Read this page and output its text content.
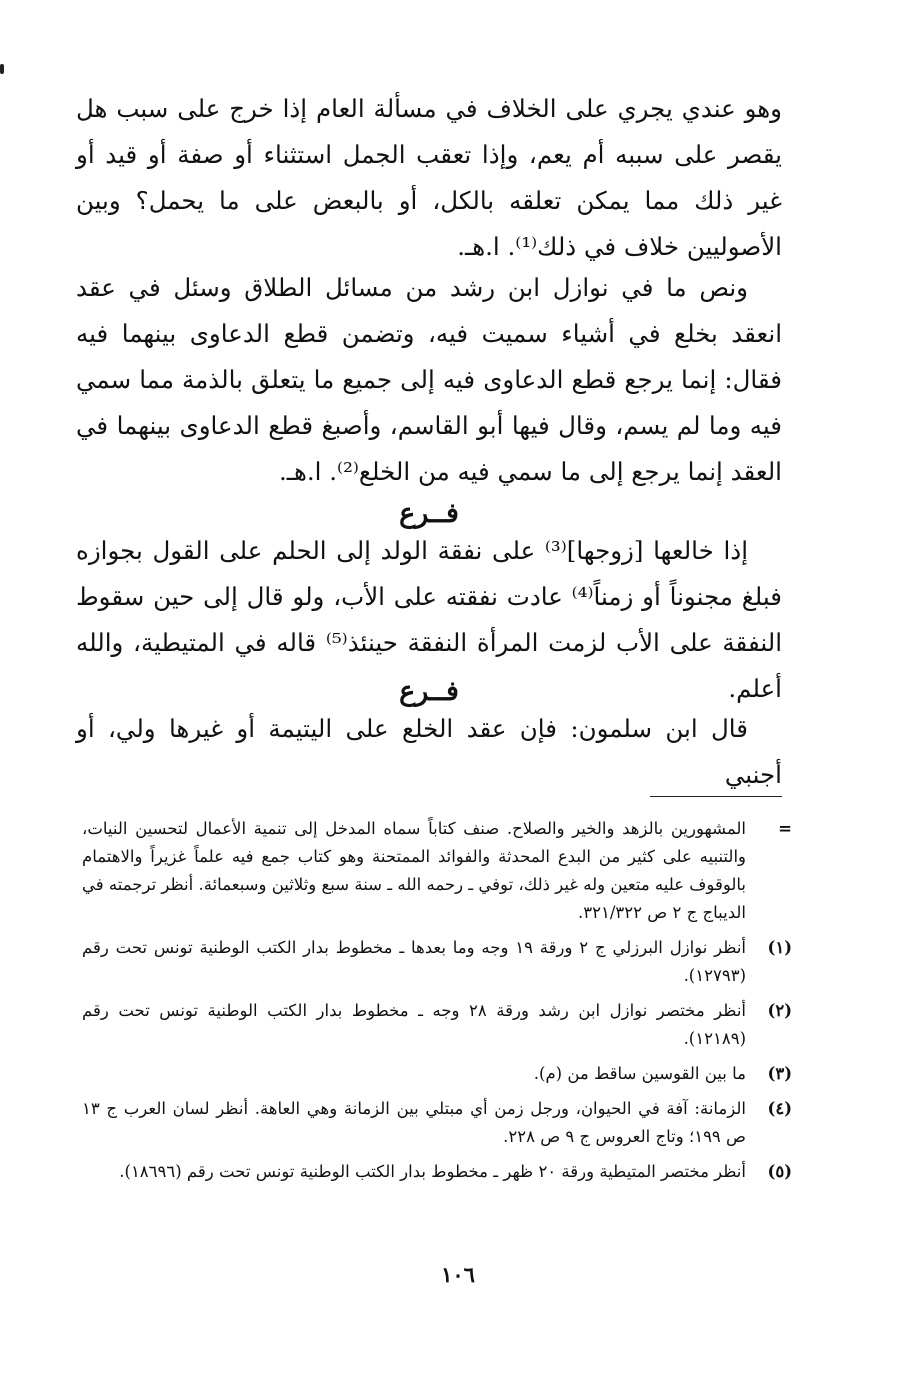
وهو عندي يجري على الخلاف في مسألة العام إذا خرج على سبب هل يقصر على سببه أم يعم، وإذا تعقب الجمل استثناء أو صفة أو قيد أو غير ذلك مما يمكن تعلقه بالكل، أو بالبعض على ما يحمل؟ وبين الأصوليين خلاف في ذلك⁽¹⁾. ا.هـ.
ونص ما في نوازل ابن رشد من مسائل الطلاق وسئل في عقد انعقد بخلع في أشياء سميت فيه، وتضمن قطع الدعاوى بينهما فيه فقال: إنما يرجع قطع الدعاوى فيه إلى جميع ما يتعلق بالذمة مما سمي فيه وما لم يسم، وقال فيها أبو القاسم، وأصبغ قطع الدعاوى بينهما في العقد إنما يرجع إلى ما سمي فيه من الخلع⁽²⁾. ا.هـ.
فــرع
إذا خالعها [زوجها]⁽³⁾ على نفقة الولد إلى الحلم على القول بجوازه فبلغ مجنوناً أو زمناً⁽⁴⁾ عادت نفقته على الأب، ولو قال إلى حين سقوط النفقة على الأب لزمت المرأة النفقة حينئذ⁽⁵⁾ قاله في المتيطية، والله أعلم.
فــرع
قال ابن سلمون: فإن عقد الخلع على اليتيمة أو غيرها ولي، أو أجنبي
=
المشهورين بالزهد والخير والصلاح. صنف كتاباً سماه المدخل إلى تنمية الأعمال لتحسين النيات، والتنبيه على كثير من البدع المحدثة والفوائد الممتحنة وهو كتاب جمع فيه علماً غزيراً والاهتمام بالوقوف عليه متعين وله غير ذلك، توفي ـ رحمه الله ـ سنة سبع وثلاثين وسبعمائة. أنظر ترجمته في الديباج ج ٢ ص ٣٢١/٣٢٢.
(١)
أنظر نوازل البرزلي ج ٢ ورقة ١٩ وجه وما بعدها ـ مخطوط بدار الكتب الوطنية تونس تحت رقم (١٢٧٩٣).
(٢)
أنظر مختصر نوازل ابن رشد ورقة ٢٨ وجه ـ مخطوط بدار الكتب الوطنية تونس تحت رقم (١٢١٨٩).
(٣)
ما بين القوسين ساقط من (م).
(٤)
الزمانة: آفة في الحيوان، ورجل زمن أي مبتلي بين الزمانة وهي العاهة. أنظر لسان العرب ج ١٣ ص ١٩٩؛ وتاج العروس ج ٩ ص ٢٢٨.
(٥)
أنظر مختصر المتيطية ورقة ٢٠ ظهر ـ مخطوط بدار الكتب الوطنية تونس تحت رقم (١٨٦٩٦).
١٠٦
